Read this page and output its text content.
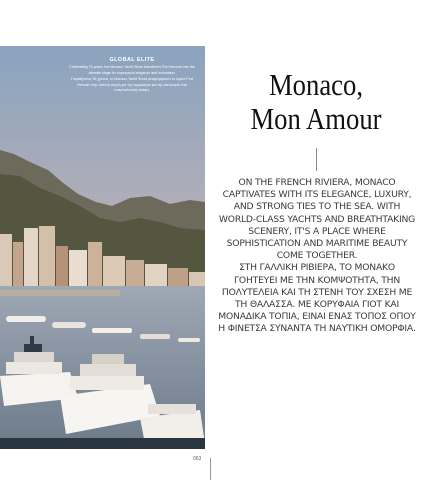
GLOBAL ELITE
Celebrating 70 years, the Monaco Yacht Show transforms Port Hercule into the ultimate stage for superyacht elegance and innovation.
Γιορτάζοντας 35 χρόνια, το Monaco Yacht Show μεταμορφώνει το λιμάνι Port Hercule στην ύστατη σκηνή για την κομψότητα και την καινοτομία στα υπερπολυτελή σκάφη.	Monaco,
Mon Amour

ON THE FRENCH RIVIERA, MONACO CAPTIVATES WITH ITS ELEGANCE, LUXURY, AND STRONG TIES TO THE SEA. WITH WORLD-CLASS YACHTS AND BREATHTAKING SCENERY, IT'S A PLACE WHERE SOPHISTICATION AND MARITIME BEAUTY COME TOGETHER.

ΣΤΗ ΓΑΛΛΙΚΗ ΡΙΒΙΕΡΑ, ΤΟ ΜΟΝΑΚΟ ΓΟΗΤΕΥΕΙ ΜΕ ΤΗΝ ΚΟΜΨΟΤΗΤΑ, ΤΗΝ ΠΟΛΥΤΕΛΕΙΑ ΚΑΙ ΤΗ ΣΤΕΝΗ ΤΟΥ ΣΧΕΣΗ ΜΕ ΤΗ ΘΑΛΑΣΣΑ. ΜΕ ΚΟΡΥΦΑΙΑ ΓΙΟΤ ΚΑΙ ΜΟΝΑΔΙΚΑ ΤΟΠΙΑ, ΕΙΝΑΙ ΕΝΑΣ ΤΟΠΟΣ ΟΠΟΥ Η ΦΙΝΕΤΣΑ ΣΥΝΑΝΤΑ ΤΗ ΝΑΥΤΙΚΗ ΟΜΟΡΦΙΑ.

063
